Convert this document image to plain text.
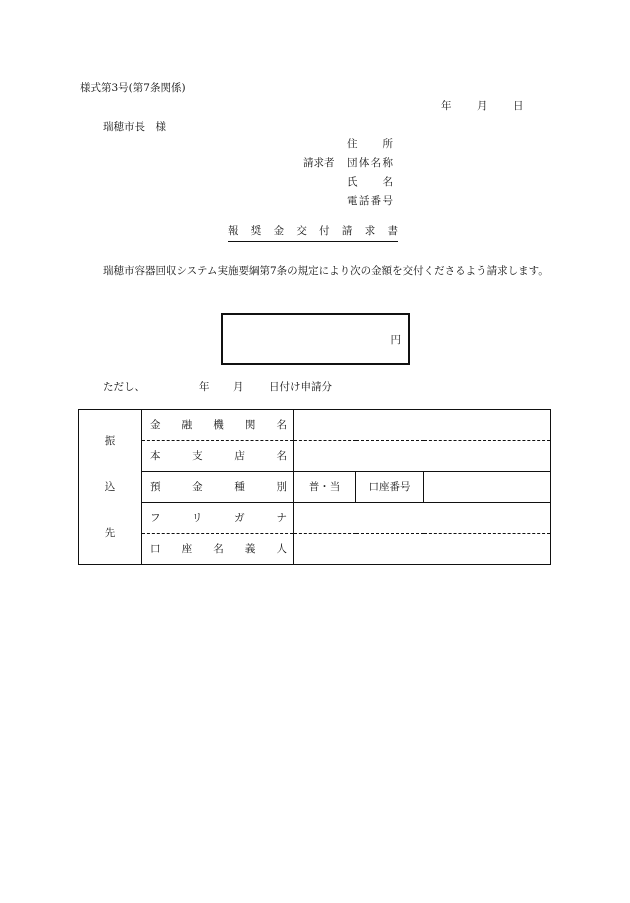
様式第3号(第7条関係)
年 月 日
瑞穂市長　様
請求者
住所
団体名称
氏名
電話番号
報奨金交付請求書
瑞穂市容器回収システム実施要綱第7条の規定により次の金額を交付くださるよう請求します。
円
ただし、	年 月 日付け申請分
振	金融機関名			

	本支店名			

込	預金種別	普・当	口座番号	
先	フリガナ			

	口座名義人			
